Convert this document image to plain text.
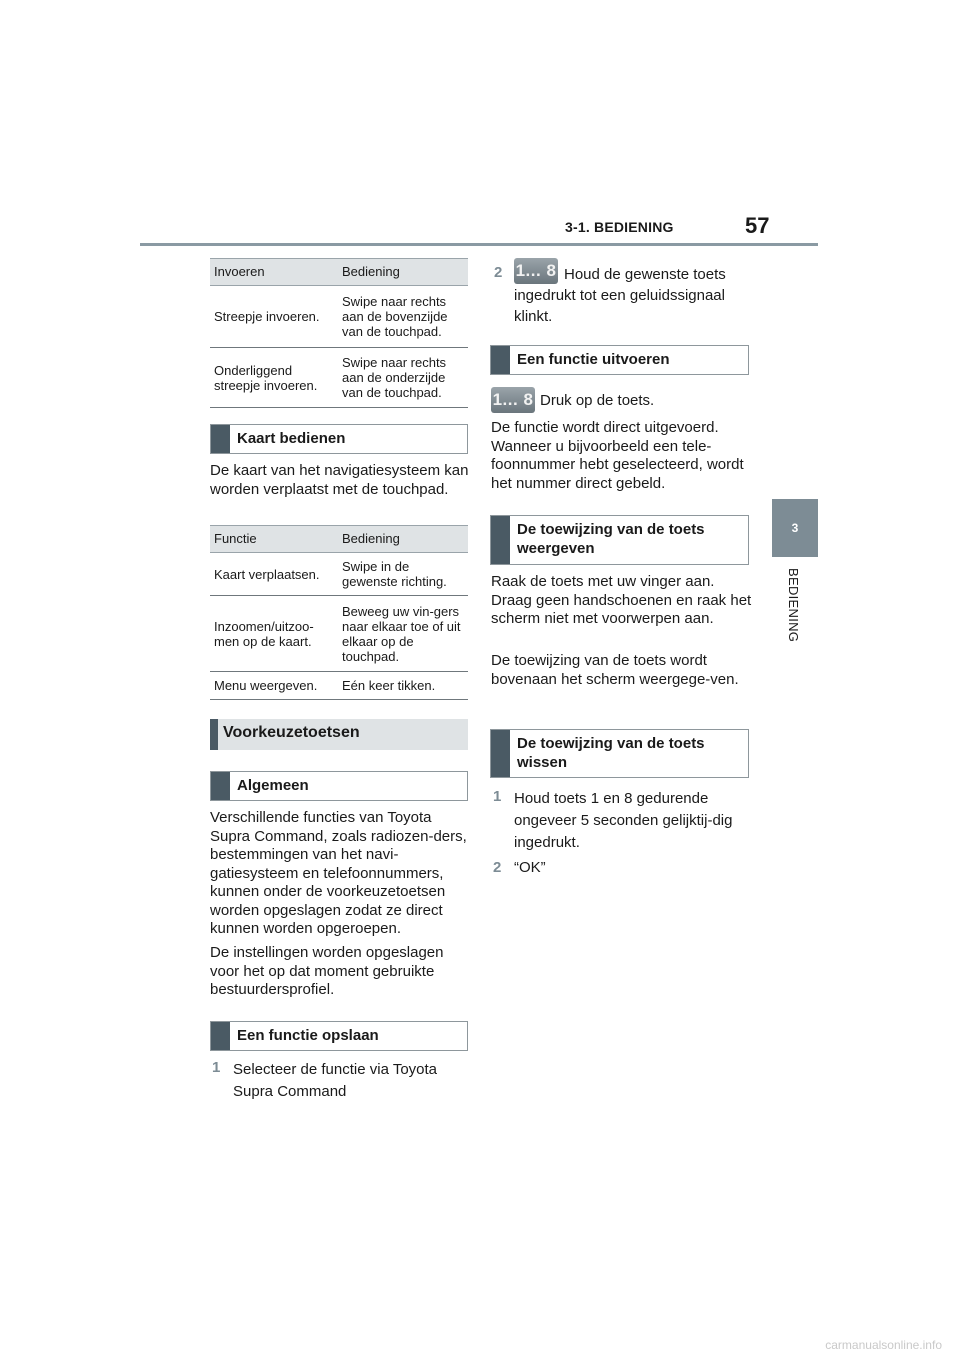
3-1. BEDIENING	57
3
BEDIENING
Invoeren	Bediening
Streepje invoeren.	Swipe naar rechts aan de bovenzijde van de touchpad.
Onderliggend streepje invoeren.	Swipe naar rechts aan de onderzijde van de touchpad.
Kaart bedienen

De kaart van het navigatiesysteem kan worden verplaatst met de touchpad.

Functie	Bediening
Kaart verplaatsen.	Swipe in de gewenste richting.
Inzoomen/uitzoo-men op de kaart.	Beweeg uw vin-gers naar elkaar toe of uit elkaar op de touchpad.
Menu weergeven.	Eén keer tikken.
Voorkeuzetoetsen
Algemeen

Verschillende functies van Toyota Supra Command, zoals radiozen-ders, bestemmingen van het navi-gatiesysteem en telefoonnummers, kunnen onder de voorkeuzetoetsen worden opgeslagen zodat ze direct kunnen worden opgeroepen.

De instellingen worden opgeslagen voor het op dat moment gebruikte bestuurdersprofiel.

Een functie opslaan
1 Selecteer de functie via Toyota Supra Command

2 1... 8 Houd de gewenste toets ingedrukt tot een geluidssignaal klinkt.

Een functie uitvoeren
1... 8 Druk op de toets.

De functie wordt direct uitgevoerd. Wanneer u bijvoorbeeld een tele-foonnummer hebt geselecteerd, wordt het nummer direct gebeld.

De toewijzing van de toets weergeven

Raak de toets met uw vinger aan. Draag geen handschoenen en raak het scherm niet met voorwerpen aan.

De toewijzing van de toets wordt bovenaan het scherm weergege-ven.

De toewijzing van de toets wissen
1 Houd toets 1 en 8 gedurende ongeveer 5 seconden gelijktij-dig ingedrukt.

2 “OK”

carmanualsonline.info
